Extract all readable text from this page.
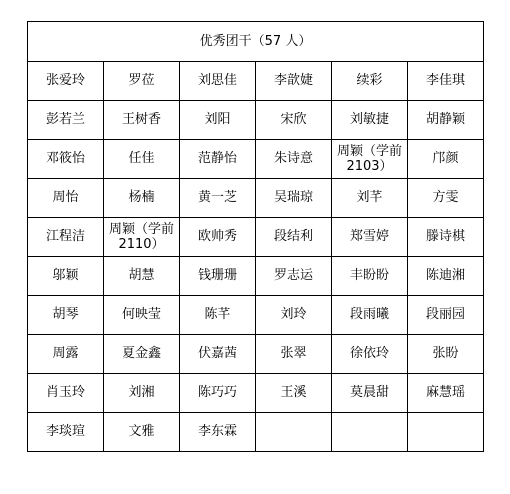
优秀团干（57 人）					
张爱玲	罗莅	刘思佳	李歆婕	续彩	李佳琪
彭若兰	王树香	刘阳	宋欣	刘敏捷	胡静颖
邓筱怡	任佳	范静怡	朱诗意	周颖（学前 2103）	邝颜
周怡	杨楠	黄一芝	吴瑞琼	刘芊	方雯
江程洁	周颖（学前 2110）	欧帅秀	段结利	郑雪婷	滕诗棋
邬颖	胡慧	钱珊珊	罗志运	丰盼盼	陈迪湘
胡琴	何映莹	陈芊	刘玲	段雨曦	段丽园
周露	夏金鑫	伏嘉茜	张翠	徐依玲	张盼
肖玉玲	刘湘	陈巧巧	王溪	莫晨甜	麻慧瑶
李琰瑄	文雅	李东霖			
